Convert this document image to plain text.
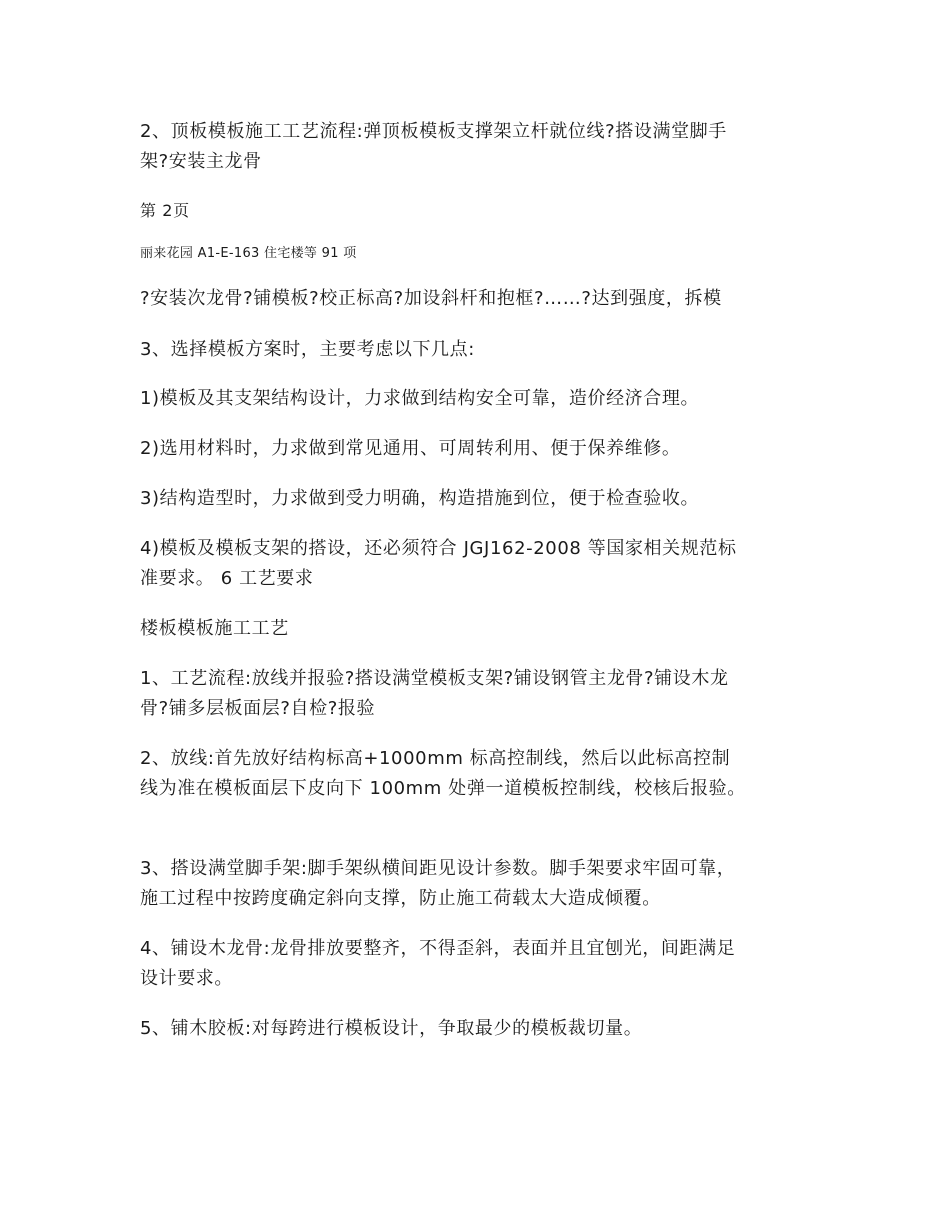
2、顶板模板施工工艺流程:弹顶板模板支撑架立杆就位线?搭设满堂脚手
架?安装主龙骨
第 2页
丽来花园 A1-E-163 住宅楼等 91 项
?安装次龙骨?铺模板?校正标高?加设斜杆和抱框?……?达到强度，拆模
3、选择模板方案时，主要考虑以下几点:
1)模板及其支架结构设计，力求做到结构安全可靠，造价经济合理。
2)选用材料时，力求做到常见通用、可周转利用、便于保养维修。
3)结构造型时，力求做到受力明确，构造措施到位，便于检查验收。
4)模板及模板支架的搭设，还必须符合 JGJ162-2008 等国家相关规范标
准要求。 6 工艺要求
楼板模板施工工艺
1、工艺流程:放线并报验?搭设满堂模板支架?铺设钢管主龙骨?铺设木龙
骨?铺多层板面层?自检?报验
2、放线:首先放好结构标高+1000mm 标高控制线，然后以此标高控制
线为准在模板面层下皮向下 100mm 处弹一道模板控制线，校核后报验。
3、搭设满堂脚手架:脚手架纵横间距见设计参数。脚手架要求牢固可靠，
施工过程中按跨度确定斜向支撑，防止施工荷载太大造成倾覆。
4、铺设木龙骨:龙骨排放要整齐，不得歪斜，表面并且宜刨光，间距满足
设计要求。
5、铺木胶板:对每跨进行模板设计，争取最少的模板裁切量。
